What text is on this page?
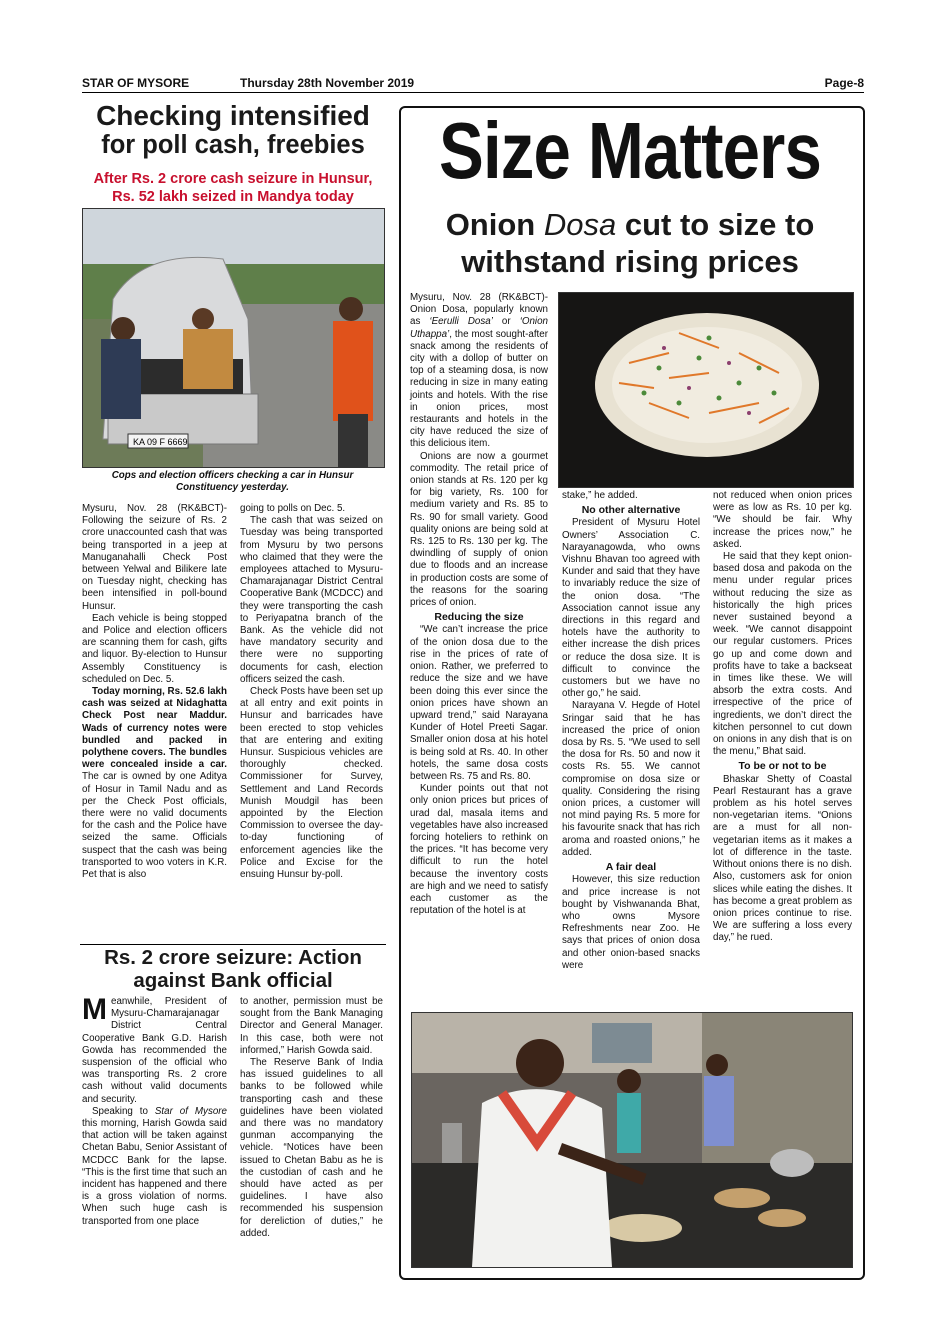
STAR OF MYSORE	Thursday 28th November 2019	Page-8
Checking intensified
for poll cash, freebies
After Rs. 2 crore cash seizure in Hunsur,
Rs. 52 lakh seized in Mandya today
KA 09 F 6669
Cops and election officers checking a car in Hunsur
Constituency yesterday.

Mysuru, Nov. 28 (RK&BCT)- Following the seizure of Rs. 2 crore unaccounted cash that was being transported in a jeep at Manuganahalli Check Post between Yelwal and Bilikere late on Tuesday night, checking has been intensified in poll-bound Hunsur.

Each vehicle is being stopped and Police and election officers are scanning them for cash, gifts and liquor. By-election to Hunsur Assembly Constituency is scheduled on Dec. 5.

Today morning, Rs. 52.6 lakh cash was seized at Nidaghatta Check Post near Maddur. Wads of currency notes were bundled and packed in polythene covers. The bundles were concealed inside a car. The car is owned by one Aditya of Hosur in Tamil Nadu and as per the Check Post officials, there were no valid documents for the cash and the Police have seized the same. Officials suspect that the cash was being transported to woo voters in K.R. Pet that is also

going to polls on Dec. 5.

The cash that was seized on Tuesday was being transported from Mysuru by two persons who claimed that they were the employees attached to Mysuru-Chamarajanagar District Central Cooperative Bank (MCDCC) and they were transporting the cash to Periyapatna branch of the Bank. As the vehicle did not have mandatory security and there were no supporting documents for cash, election officers seized the cash.

Check Posts have been set up at all entry and exit points in Hunsur and barricades have been erected to stop vehicles that are entering and exiting Hunsur. Suspicious vehicles are thoroughly checked. Commissioner for Survey, Settlement and Land Records Munish Moudgil has been appointed by the Election Commission to oversee the day-to-day functioning of enforcement agencies like the Police and Excise for the ensuing Hunsur by-poll.

Rs. 2 crore seizure: Action
against Bank official

Meanwhile, President of Mysuru-Chamarajanagar District Central Cooperative Bank G.D. Harish Gowda has recommended the suspension of the official who was transporting Rs. 2 crore cash without valid documents and security.

Speaking to Star of Mysore this morning, Harish Gowda said that action will be taken against Chetan Babu, Senior Assistant of MCDCC Bank for the lapse. “This is the first time that such an incident has happened and there is a gross violation of norms. When such huge cash is transported from one place

to another, permission must be sought from the Bank Managing Director and General Manager. In this case, both were not informed,” Harish Gowda said.

The Reserve Bank of India has issued guidelines to all banks to be followed while transporting cash and these guidelines have been violated and there was no mandatory gunman accompanying the vehicle. “Notices have been issued to Chetan Babu as he is the custodian of cash and he should have acted as per guidelines. I have also recommended his suspension for dereliction of duties,” he added.

Size Matters
Onion Dosa cut to size to
withstand rising prices

Mysuru, Nov. 28 (RK&BCT)- Onion Dosa, popularly known as ‘Eerulli Dosa’ or ‘Onion Uthappa’, the most sought-after snack among the residents of city with a dollop of butter on top of a steaming dosa, is now reducing in size in many eating joints and hotels. With the rise in onion prices, most restaurants and hotels in the city have reduced the size of this delicious item.

Onions are now a gourmet commodity. The retail price of onion stands at Rs. 120 per kg for big variety, Rs. 100 for medium variety and Rs. 85 to Rs. 90 for small variety. Good quality onions are being sold at Rs. 125 to Rs. 130 per kg. The dwindling of supply of onion due to floods and an increase in production costs are some of the reasons for the soaring prices of onion.

Reducing the size

“We can’t increase the price of the onion dosa due to the rise in the prices of rate of onion. Rather, we preferred to reduce the size and we have been doing this ever since the onion prices have shown an upward trend,” said Narayana Kunder of Hotel Preeti Sagar. Smaller onion dosa at his hotel is being sold at Rs. 40. In other hotels, the same dosa costs between Rs. 75 and Rs. 80.

Kunder points out that not only onion prices but prices of urad dal, masala items and vegetables have also increased forcing hoteliers to rethink on the prices. “It has become very difficult to run the hotel because the inventory costs are high and we need to satisfy each customer as the reputation of the hotel is at

stake,” he added.

No other alternative

President of Mysuru Hotel Owners’ Association C. Narayanagowda, who owns Vishnu Bhavan too agreed with Kunder and said that they have to invariably reduce the size of the onion dosa. “The Association cannot issue any directions in this regard and hotels have the authority to either increase the dish prices or reduce the dosa size. It is difficult to convince the customers but we have no other go,” he said.

Narayana V. Hegde of Hotel Sringar said that he has increased the price of onion dosa by Rs. 5. “We used to sell the dosa for Rs. 50 and now it costs Rs. 55. We cannot compromise on dosa size or quality. Considering the rising onion prices, a customer will not mind paying Rs. 5 more for his favourite snack that has rich aroma and roasted onions,” he added.

A fair deal

However, this size reduction and price increase is not bought by Vishwananda Bhat, who owns Mysore Refreshments near Zoo. He says that prices of onion dosa and other onion-based snacks were

not reduced when onion prices were as low as Rs. 10 per kg. “We should be fair. Why increase the prices now,” he asked.

He said that they kept onion-based dosa and pakoda on the menu under regular prices without reducing the size as historically the high prices never sustained beyond a week. “We cannot disappoint our regular customers. Prices go up and come down and profits have to take a backseat in times like these. We will absorb the extra costs. And irrespective of the price of ingredients, we don’t direct the kitchen personnel to cut down on onions in any dish that is on the menu,” Bhat said.

To be or not to be

Bhaskar Shetty of Coastal Pearl Restaurant has a grave problem as his hotel serves non-vegetarian items. “Onions are a must for all non-vegetarian items as it makes a lot of difference in the taste. Without onions there is no dish. Also, customers ask for onion slices while eating the dishes. It has become a great problem as onion prices continue to rise. We are suffering a loss every day,” he rued.
